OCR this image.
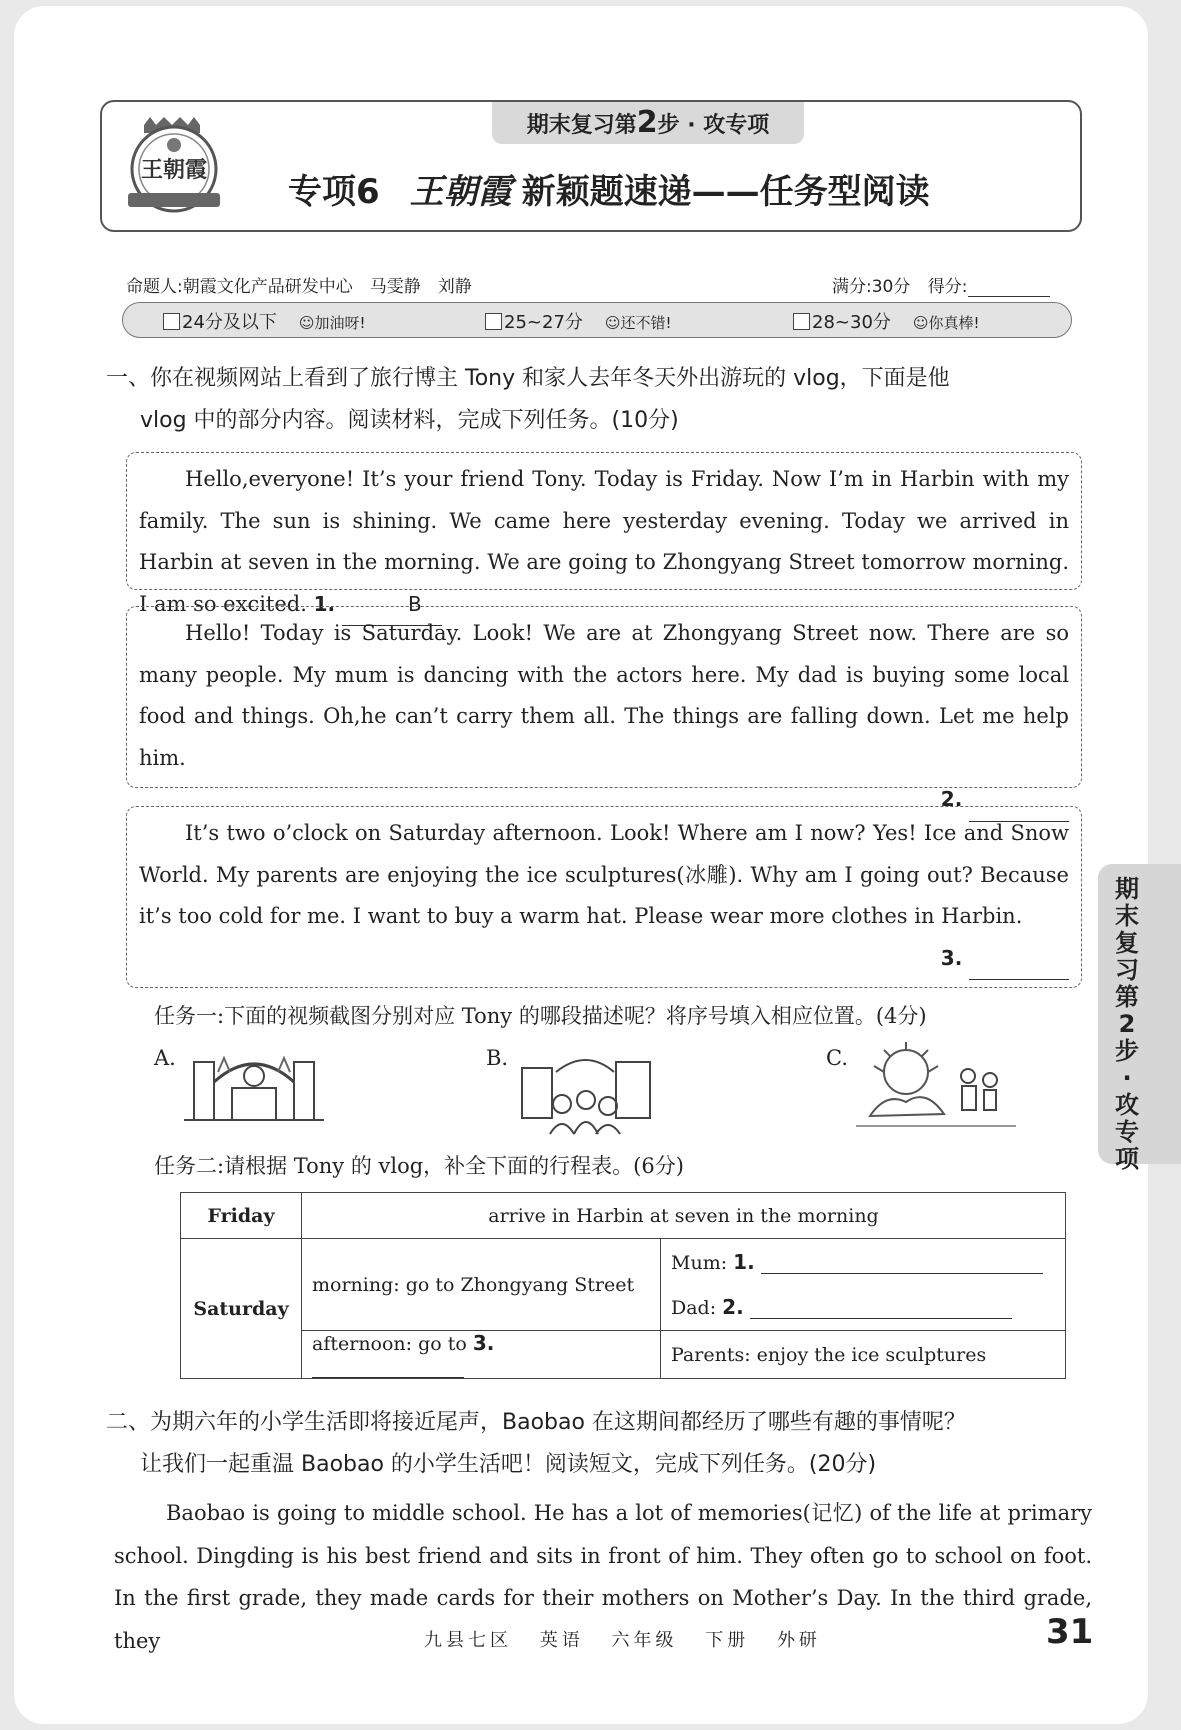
王朝霞
期末复习第2步 · 攻专项
专项6 王朝霞 新颖题速递——任务型阅读
命题人:朝霞文化产品研发中心　马雯静　刘静	满分:30分 得分:
24分及以下 ☺加油呀!	25~27分 ☺还不错!	28~30分 ☺你真棒!
一、你在视频网站上看到了旅行博主 Tony 和家人去年冬天外出游玩的 vlog，下面是他
vlog 中的部分内容。阅读材料，完成下列任务。(10分)

Hello,everyone! It’s your friend Tony. Today is Friday. Now I’m in Harbin with my family. The sun is shining. We came here yesterday evening. Today we arrived in Harbin at seven in the morning. We are going to Zhongyang Street tomorrow morning. I am so excited. 1.	B

Hello! Today is Saturday. Look! We are at Zhongyang Street now. There are so many people. My mum is dancing with the actors here. My dad is buying some local food and things. Oh,he can’t carry them all. The things are falling down. Let me help him.

2.

It’s two o’clock on Saturday afternoon. Look! Where am I now? Yes! Ice and Snow World. My parents are enjoying the ice sculptures(冰雕). Why am I going out? Because it’s too cold for me. I want to buy a warm hat. Please wear more clothes in Harbin.

3.
任务一:下面的视频截图分别对应 Tony 的哪段描述呢？将序号填入相应位置。(4分)
A.	B.	C.
任务二:请根据 Tony 的 vlog，补全下面的行程表。(6分)
Friday	arrive in Harbin at seven in the morning	
Saturday	morning: go to Zhongyang Street	Mum: 1.
		Dad: 2.
	afternoon: go to 3.	Parents: enjoy the ice sculptures
二、为期六年的小学生活即将接近尾声，Baobao 在这期间都经历了哪些有趣的事情呢？
让我们一起重温 Baobao 的小学生活吧！阅读短文，完成下列任务。(20分)

Baobao is going to middle school. He has a lot of memories(记忆) of the life at primary school. Dingding is his best friend and sits in front of him. They often go to school on foot. In the first grade, they made cards for their mothers on Mother’s Day. In the third grade, they	九县七区 英语 六年级 下册 外研	31
期
末
复
习
第
2
步
·
攻
专
项
